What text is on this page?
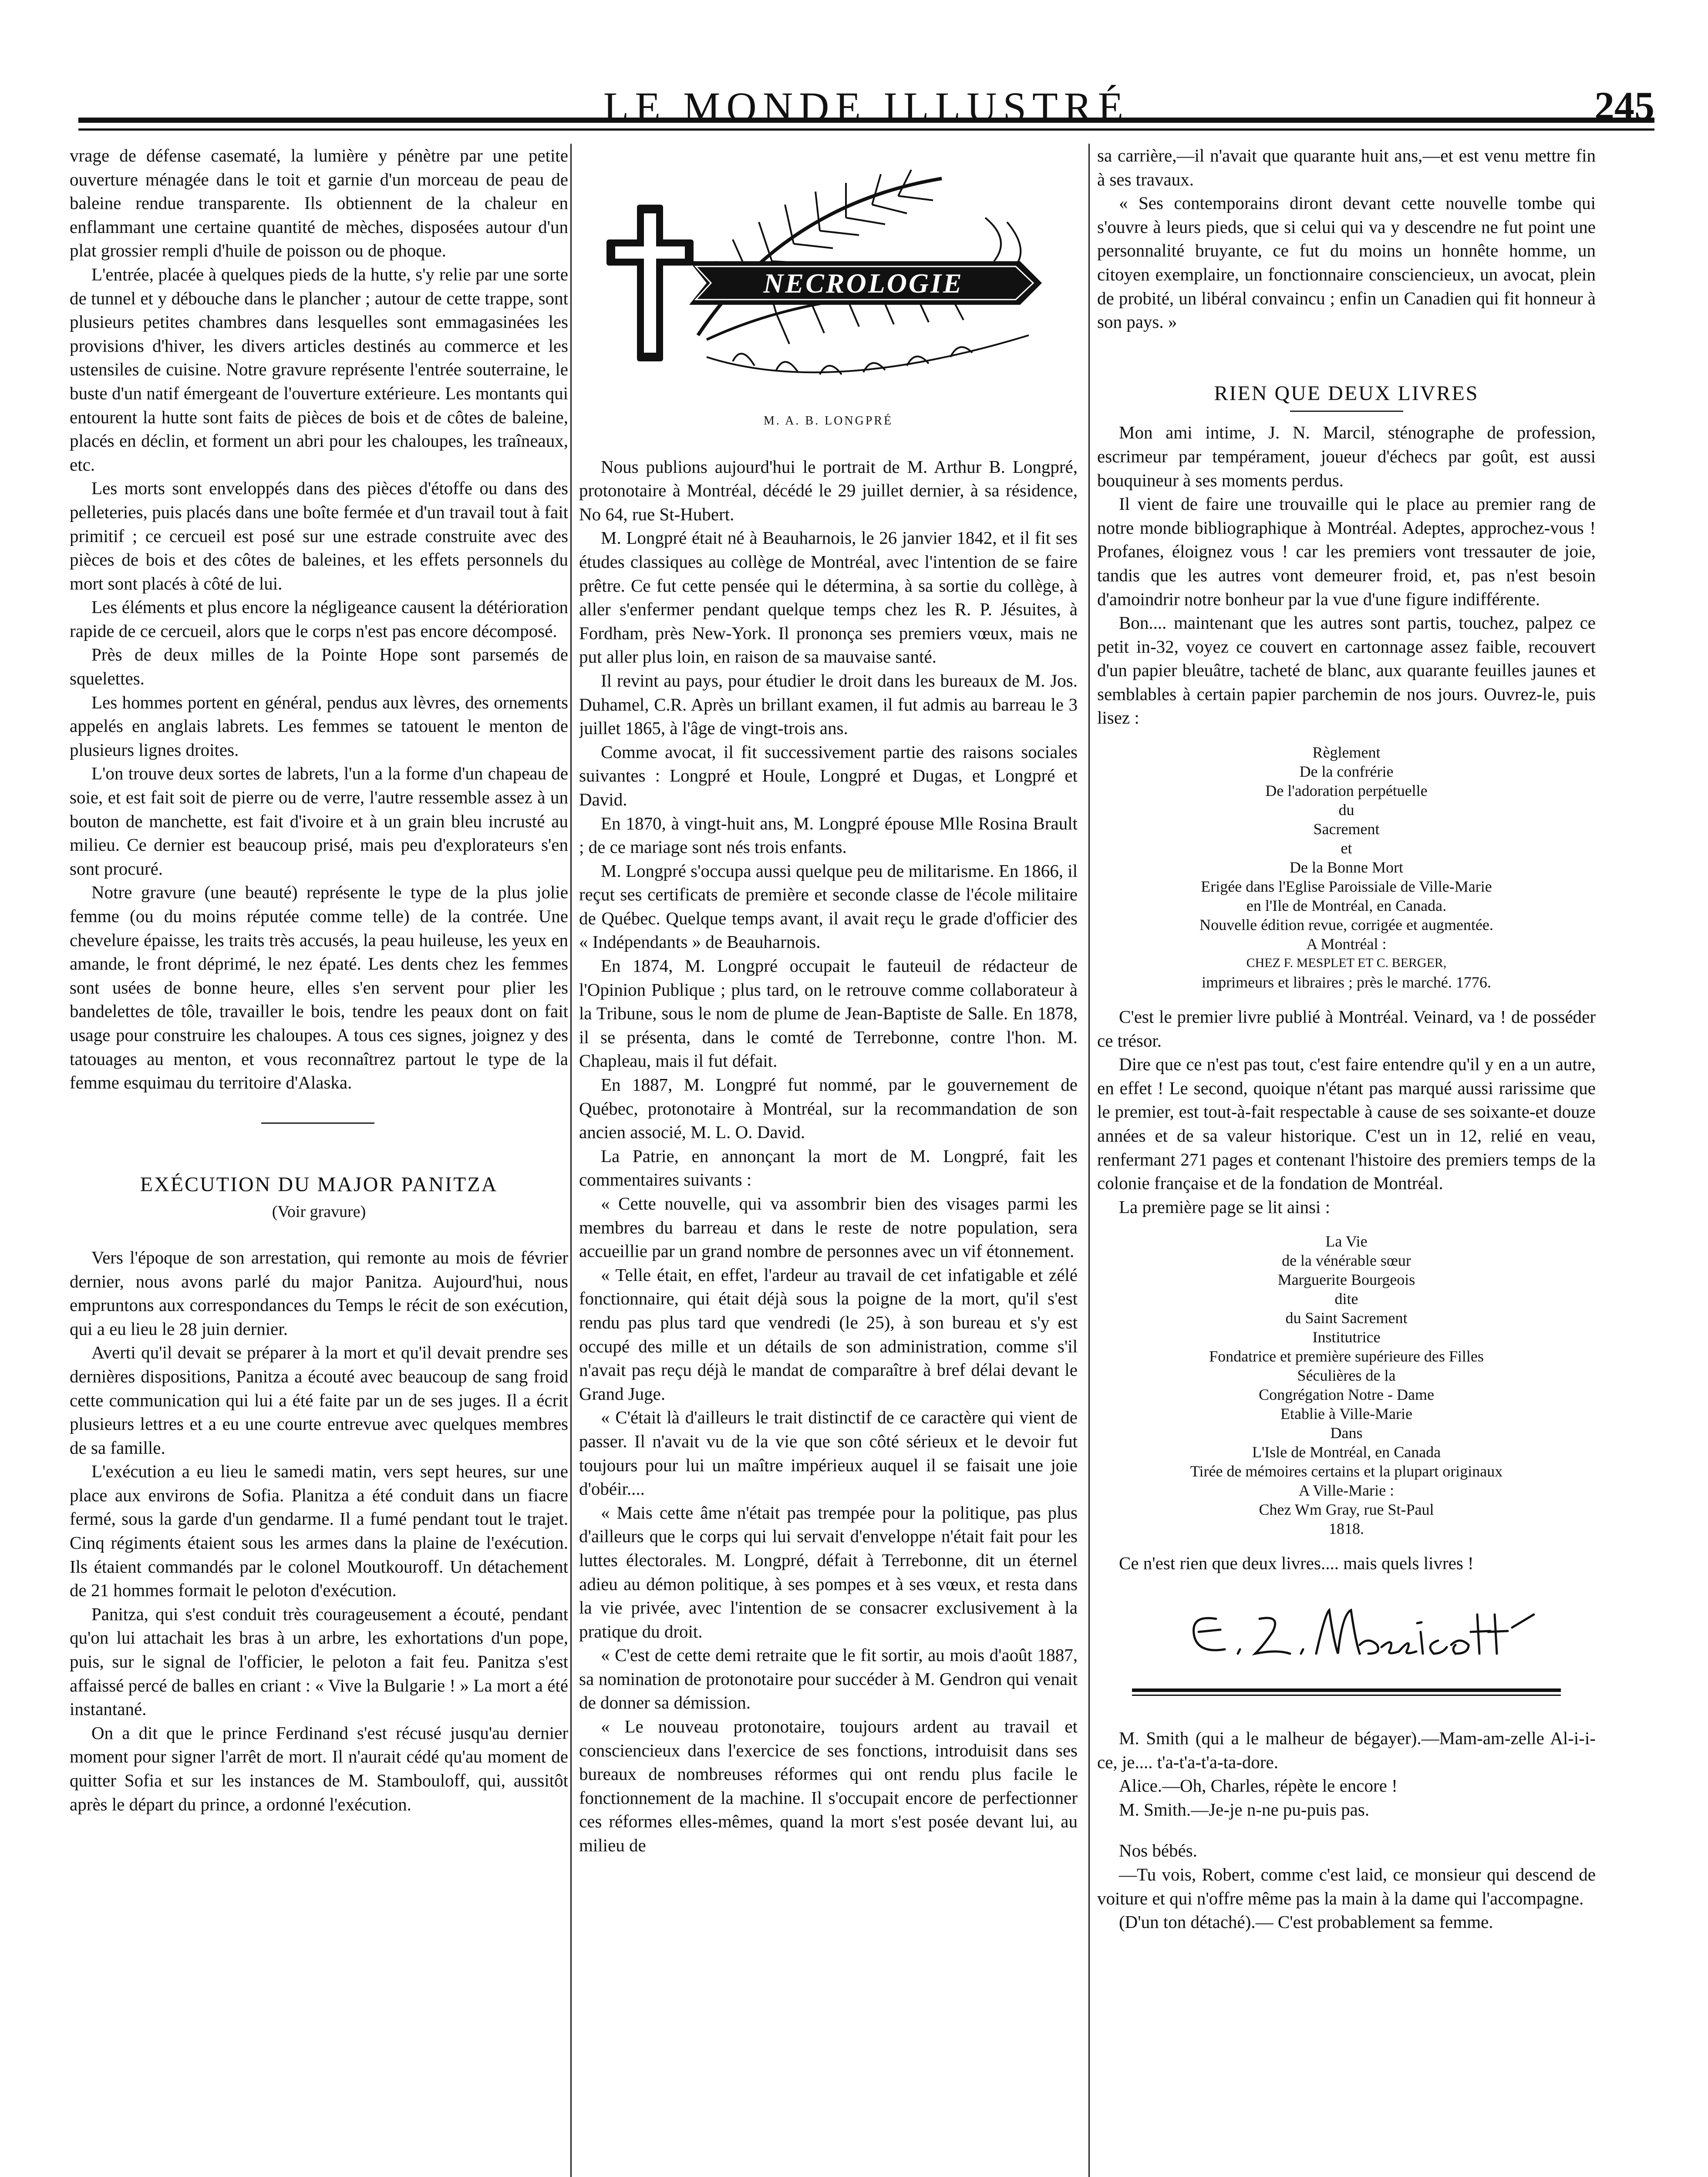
LE MONDE ILLUSTRÉ	245

vrage de défense casematé, la lumière y pénètre par une petite ouverture ménagée dans le toit et garnie d'un morceau de peau de baleine rendue transparente. Ils obtiennent de la chaleur en enflammant une certaine quantité de mèches, disposées autour d'un plat grossier rempli d'huile de poisson ou de phoque.

L'entrée, placée à quelques pieds de la hutte, s'y relie par une sorte de tunnel et y débouche dans le plancher ; autour de cette trappe, sont plusieurs petites chambres dans lesquelles sont emmagasinées les provisions d'hiver, les divers articles destinés au commerce et les ustensiles de cuisine. Notre gravure représente l'entrée souterraine, le buste d'un natif émergeant de l'ouverture extérieure. Les montants qui entourent la hutte sont faits de pièces de bois et de côtes de baleine, placés en déclin, et forment un abri pour les chaloupes, les traîneaux, etc.

Les morts sont enveloppés dans des pièces d'étoffe ou dans des pelleteries, puis placés dans une boîte fermée et d'un travail tout à fait primitif ; ce cercueil est posé sur une estrade construite avec des pièces de bois et des côtes de baleines, et les effets personnels du mort sont placés à côté de lui.

Les éléments et plus encore la négligeance causent la détérioration rapide de ce cercueil, alors que le corps n'est pas encore décomposé.

Près de deux milles de la Pointe Hope sont parsemés de squelettes.

Les hommes portent en général, pendus aux lèvres, des ornements appelés en anglais labrets. Les femmes se tatouent le menton de plusieurs lignes droites.

L'on trouve deux sortes de labrets, l'un a la forme d'un chapeau de soie, et est fait soit de pierre ou de verre, l'autre ressemble assez à un bouton de manchette, est fait d'ivoire et à un grain bleu incrusté au milieu. Ce dernier est beaucoup prisé, mais peu d'explorateurs s'en sont procuré.

Notre gravure (une beauté) représente le type de la plus jolie femme (ou du moins réputée comme telle) de la contrée. Une chevelure épaisse, les traits très accusés, la peau huileuse, les yeux en amande, le front déprimé, le nez épaté. Les dents chez les femmes sont usées de bonne heure, elles s'en servent pour plier les bandelettes de tôle, travailler le bois, tendre les peaux dont on fait usage pour construire les chaloupes. A tous ces signes, joignez y des tatouages au menton, et vous reconnaîtrez partout le type de la femme esquimau du territoire d'Alaska.

EXÉCUTION DU MAJOR PANITZA
(Voir gravure)

Vers l'époque de son arrestation, qui remonte au mois de février dernier, nous avons parlé du major Panitza. Aujourd'hui, nous empruntons aux correspondances du Temps le récit de son exécution, qui a eu lieu le 28 juin dernier.

Averti qu'il devait se préparer à la mort et qu'il devait prendre ses dernières dispositions, Panitza a écouté avec beaucoup de sang froid cette communication qui lui a été faite par un de ses juges. Il a écrit plusieurs lettres et a eu une courte entrevue avec quelques membres de sa famille.

L'exécution a eu lieu le samedi matin, vers sept heures, sur une place aux environs de Sofia. Planitza a été conduit dans un fiacre fermé, sous la garde d'un gendarme. Il a fumé pendant tout le trajet. Cinq régiments étaient sous les armes dans la plaine de l'exécution. Ils étaient commandés par le colonel Moutkouroff. Un détachement de 21 hommes formait le peloton d'exécution.

Panitza, qui s'est conduit très courageusement a écouté, pendant qu'on lui attachait les bras à un arbre, les exhortations d'un pope, puis, sur le signal de l'officier, le peloton a fait feu. Panitza s'est affaissé percé de balles en criant : « Vive la Bulgarie ! » La mort a été instantané.

On a dit que le prince Ferdinand s'est récusé jusqu'au dernier moment pour signer l'arrêt de mort. Il n'aurait cédé qu'au moment de quitter Sofia et sur les instances de M. Stambouloff, qui, aussitôt après le départ du prince, a ordonné l'exécution.

NECROLOGIE
M. A. B. LONGPRÉ

Nous publions aujourd'hui le portrait de M. Arthur B. Longpré, protonotaire à Montréal, décédé le 29 juillet dernier, à sa résidence, No 64, rue St-Hubert.

M. Longpré était né à Beauharnois, le 26 janvier 1842, et il fit ses études classiques au collège de Montréal, avec l'intention de se faire prêtre. Ce fut cette pensée qui le détermina, à sa sortie du collège, à aller s'enfermer pendant quelque temps chez les R. P. Jésuites, à Fordham, près New-York. Il prononça ses premiers vœux, mais ne put aller plus loin, en raison de sa mauvaise santé.

Il revint au pays, pour étudier le droit dans les bureaux de M. Jos. Duhamel, C.R. Après un brillant examen, il fut admis au barreau le 3 juillet 1865, à l'âge de vingt-trois ans.

Comme avocat, il fit successivement partie des raisons sociales suivantes : Longpré et Houle, Longpré et Dugas, et Longpré et David.

En 1870, à vingt-huit ans, M. Longpré épouse Mlle Rosina Brault ; de ce mariage sont nés trois enfants.

M. Longpré s'occupa aussi quelque peu de militarisme. En 1866, il reçut ses certificats de première et seconde classe de l'école militaire de Québec. Quelque temps avant, il avait reçu le grade d'officier des « Indépendants » de Beauharnois.

En 1874, M. Longpré occupait le fauteuil de rédacteur de l'Opinion Publique ; plus tard, on le retrouve comme collaborateur à la Tribune, sous le nom de plume de Jean-Baptiste de Salle. En 1878, il se présenta, dans le comté de Terrebonne, contre l'hon. M. Chapleau, mais il fut défait.

En 1887, M. Longpré fut nommé, par le gouvernement de Québec, protonotaire à Montréal, sur la recommandation de son ancien associé, M. L. O. David.

La Patrie, en annonçant la mort de M. Longpré, fait les commentaires suivants :

« Cette nouvelle, qui va assombrir bien des visages parmi les membres du barreau et dans le reste de notre population, sera accueillie par un grand nombre de personnes avec un vif étonnement.

« Telle était, en effet, l'ardeur au travail de cet infatigable et zélé fonctionnaire, qui était déjà sous la poigne de la mort, qu'il s'est rendu pas plus tard que vendredi (le 25), à son bureau et s'y est occupé des mille et un détails de son administration, comme s'il n'avait pas reçu déjà le mandat de comparaître à bref délai devant le Grand Juge.

« C'était là d'ailleurs le trait distinctif de ce caractère qui vient de passer. Il n'avait vu de la vie que son côté sérieux et le devoir fut toujours pour lui un maître impérieux auquel il se faisait une joie d'obéir....

« Mais cette âme n'était pas trempée pour la politique, pas plus d'ailleurs que le corps qui lui servait d'enveloppe n'était fait pour les luttes électorales. M. Longpré, défait à Terrebonne, dit un éternel adieu au démon politique, à ses pompes et à ses vœux, et resta dans la vie privée, avec l'intention de se consacrer exclusivement à la pratique du droit.

« C'est de cette demi retraite que le fit sortir, au mois d'août 1887, sa nomination de protonotaire pour succéder à M. Gendron qui venait de donner sa démission.

« Le nouveau protonotaire, toujours ardent au travail et consciencieux dans l'exercice de ses fonctions, introduisit dans ses bureaux de nombreuses réformes qui ont rendu plus facile le fonctionnement de la machine. Il s'occupait encore de perfectionner ces réformes elles-mêmes, quand la mort s'est posée devant lui, au milieu de

sa carrière,—il n'avait que quarante huit ans,—et est venu mettre fin à ses travaux.

« Ses contemporains diront devant cette nouvelle tombe qui s'ouvre à leurs pieds, que si celui qui va y descendre ne fut point une personnalité bruyante, ce fut du moins un honnête homme, un citoyen exemplaire, un fonctionnaire consciencieux, un avocat, plein de probité, un libéral convaincu ; enfin un Canadien qui fit honneur à son pays. »

RIEN QUE DEUX LIVRES

Mon ami intime, J. N. Marcil, sténographe de profession, escrimeur par tempérament, joueur d'échecs par goût, est aussi bouquineur à ses moments perdus.

Il vient de faire une trouvaille qui le place au premier rang de notre monde bibliographique à Montréal. Adeptes, approchez-vous ! Profanes, éloignez vous ! car les premiers vont tressauter de joie, tandis que les autres vont demeurer froid, et, pas n'est besoin d'amoindrir notre bonheur par la vue d'une figure indifférente.

Bon.... maintenant que les autres sont partis, touchez, palpez ce petit in-32, voyez ce couvert en cartonnage assez faible, recouvert d'un papier bleuâtre, tacheté de blanc, aux quarante feuilles jaunes et semblables à certain papier parchemin de nos jours. Ouvrez-le, puis lisez :

Règlement
De la confrérie
De l'adoration perpétuelle
du
Sacrement
et
De la Bonne Mort
Erigée dans l'Eglise Paroissiale de Ville-Marie
en l'Ile de Montréal, en Canada.
Nouvelle édition revue, corrigée et augmentée.
A Montréal :
CHEZ F. MESPLET ET C. BERGER,
imprimeurs et libraires ; près le marché. 1776.

C'est le premier livre publié à Montréal. Veinard, va ! de posséder ce trésor.

Dire que ce n'est pas tout, c'est faire entendre qu'il y en a un autre, en effet ! Le second, quoique n'étant pas marqué aussi rarissime que le premier, est tout-à-fait respectable à cause de ses soixante-et douze années et de sa valeur historique. C'est un in 12, relié en veau, renfermant 271 pages et contenant l'histoire des premiers temps de la colonie française et de la fondation de Montréal.

La première page se lit ainsi :

La Vie
de la vénérable sœur
Marguerite Bourgeois
dite
du Saint Sacrement
Institutrice
Fondatrice et première supérieure des Filles
Séculières de la
Congrégation Notre - Dame
Etablie à Ville-Marie
Dans
L'Isle de Montréal, en Canada
Tirée de mémoires certains et la plupart originaux
A Ville-Marie :
Chez Wm Gray, rue St-Paul
1818.

Ce n'est rien que deux livres.... mais quels livres !

M. Smith (qui a le malheur de bégayer).—Mam-am-zelle Al-i-i-ce, je.... t'a-t'a-t'a-ta-dore.

Alice.—Oh, Charles, répète le encore !

M. Smith.—Je-je n-ne pu-puis pas.

Nos bébés.

—Tu vois, Robert, comme c'est laid, ce monsieur qui descend de voiture et qui n'offre même pas la main à la dame qui l'accompagne.

(D'un ton détaché).— C'est probablement sa femme.
